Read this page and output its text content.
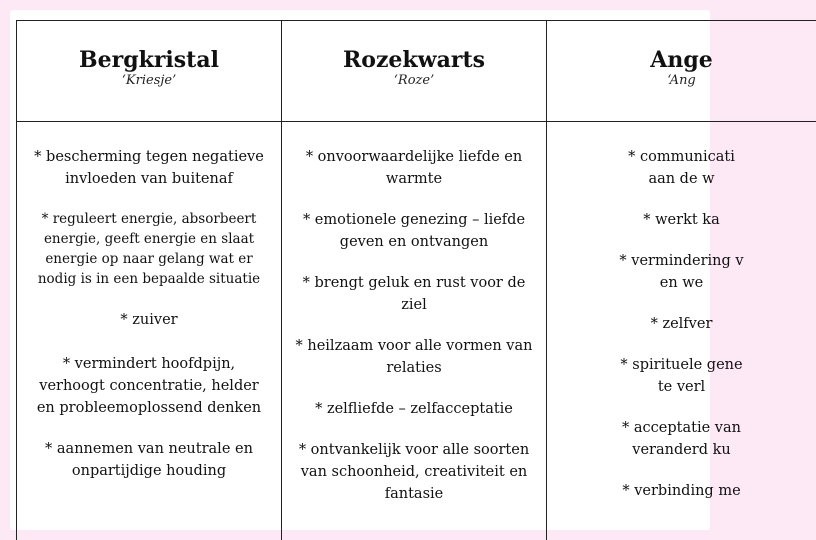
Bergkristal
‘Kriesje’
* bescherming tegen negatieve invloeden van buitenaf
* reguleert energie, absorbeert energie, geeft energie en slaat energie op naar gelang wat er nodig is in een bepaalde situatie
* zuiver
* vermindert hoofdpijn, verhoogt concentratie, helder en probleemoplossend denken
* aannemen van neutrale en onpartijdige houding
Rozekwarts
‘Roze’
* onvoorwaardelijke liefde en warmte
* emotionele genezing – liefde geven en ontvangen
* brengt geluk en rust voor de ziel
* heilzaam voor alle vormen van relaties
* zelfliefde – zelfacceptatie
* ontvankelijk voor alle soorten van schoonheid, creativiteit en fantasie
Ange
‘Ang
* communicati
aan de w
* werkt ka
* vermindering v
en we
* zelfver
* spirituele gene
te verl
* acceptatie van
veranderd ku
* verbinding me
